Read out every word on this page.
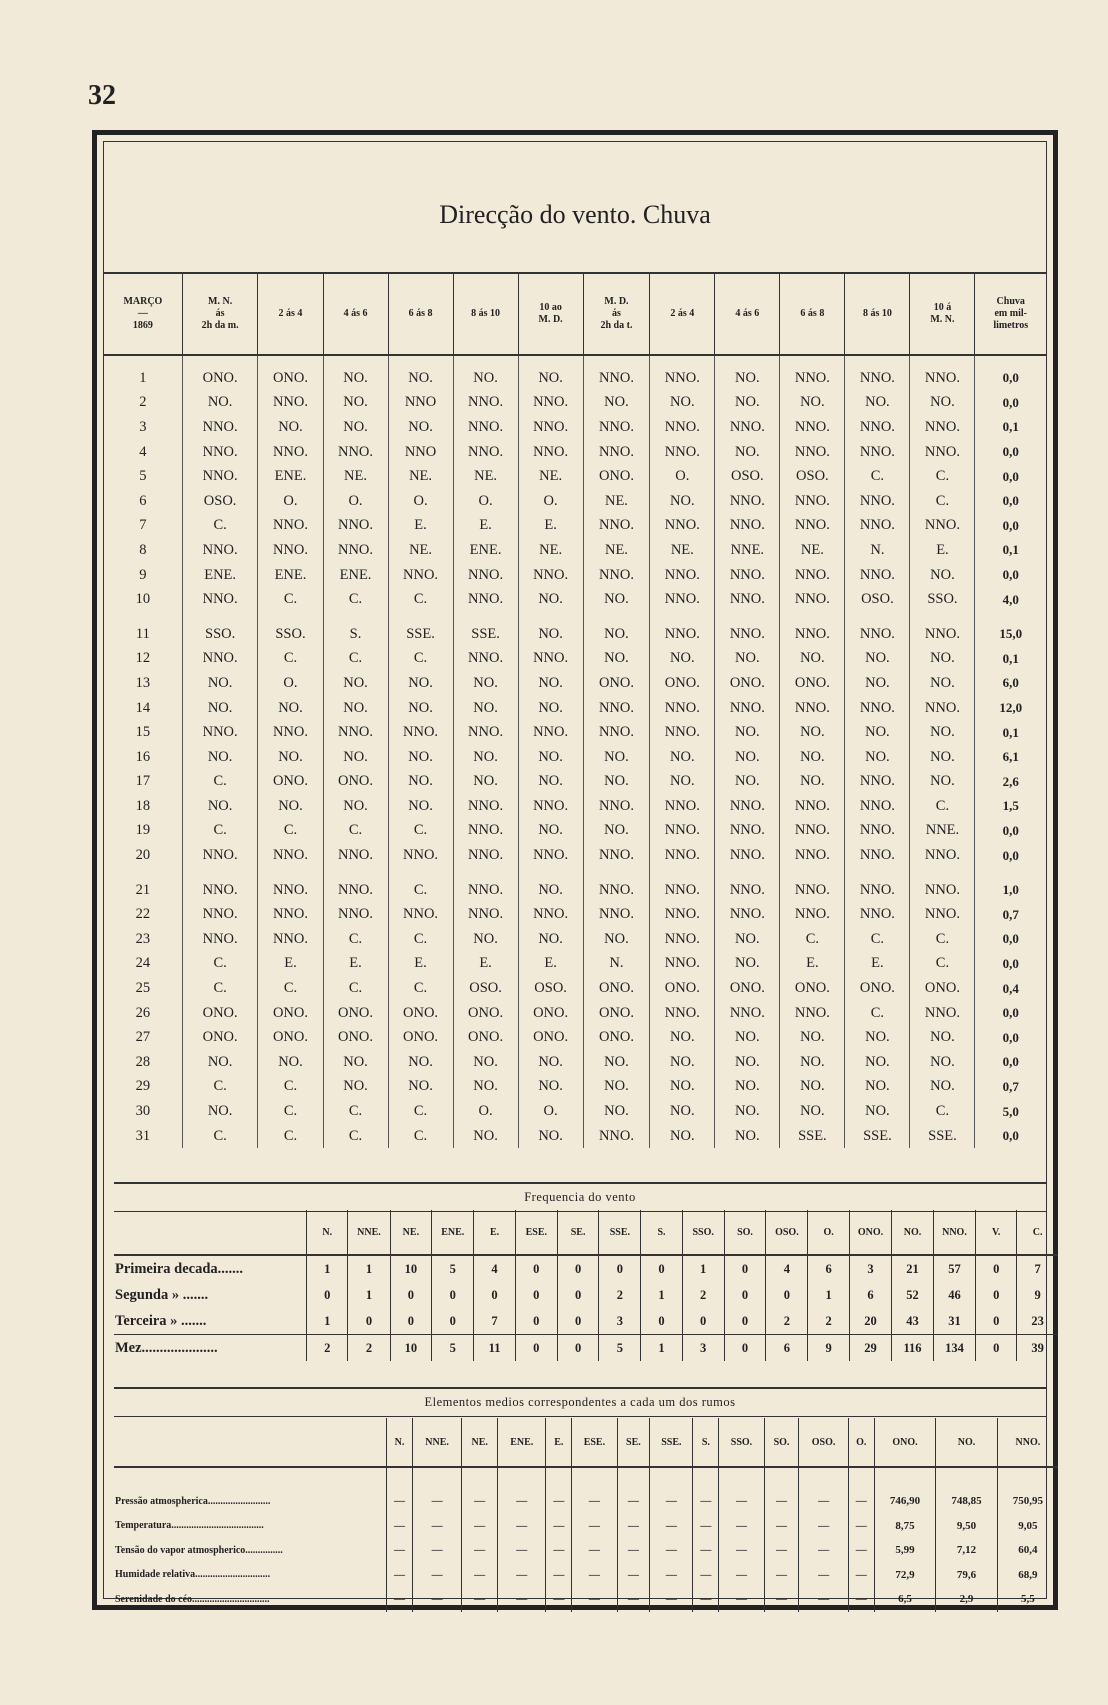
32
Direcção do vento. Chuva
MARÇO
—
1869	M. N.
ás
2h da m.	2 ás 4	4 ás 6	6 ás 8	8 ás 10	10 ao
M. D.	M. D.
ás
2h da t.	2 ás 4	4 ás 6	6 ás 8	8 ás 10	10 á
M. N.	Chuva
em mil-
limetros
1	ONO.	ONO.	NO.	NO.	NO.	NO.	NNO.	NNO.	NO.	NNO.	NNO.	NNO.	0,0
2	NO.	NNO.	NO.	NNO	NNO.	NNO.	NO.	NO.	NO.	NO.	NO.	NO.	0,0
3	NNO.	NO.	NO.	NO.	NNO.	NNO.	NNO.	NNO.	NNO.	NNO.	NNO.	NNO.	0,1
4	NNO.	NNO.	NNO.	NNO	NNO.	NNO.	NNO.	NNO.	NO.	NNO.	NNO.	NNO.	0,0
5	NNO.	ENE.	NE.	NE.	NE.	NE.	ONO.	O.	OSO.	OSO.	C.	C.	0,0
6	OSO.	O.	O.	O.	O.	O.	NE.	NO.	NNO.	NNO.	NNO.	C.	0,0
7	C.	NNO.	NNO.	E.	E.	E.	NNO.	NNO.	NNO.	NNO.	NNO.	NNO.	0,0
8	NNO.	NNO.	NNO.	NE.	ENE.	NE.	NE.	NE.	NNE.	NE.	N.	E.	0,1
9	ENE.	ENE.	ENE.	NNO.	NNO.	NNO.	NNO.	NNO.	NNO.	NNO.	NNO.	NO.	0,0
10	NNO.	C.	C.	C.	NNO.	NO.	NO.	NNO.	NNO.	NNO.	OSO.	SSO.	4,0
11	SSO.	SSO.	S.	SSE.	SSE.	NO.	NO.	NNO.	NNO.	NNO.	NNO.	NNO.	15,0
12	NNO.	C.	C.	C.	NNO.	NNO.	NO.	NO.	NO.	NO.	NO.	NO.	0,1
13	NO.	O.	NO.	NO.	NO.	NO.	ONO.	ONO.	ONO.	ONO.	NO.	NO.	6,0
14	NO.	NO.	NO.	NO.	NO.	NO.	NNO.	NNO.	NNO.	NNO.	NNO.	NNO.	12,0
15	NNO.	NNO.	NNO.	NNO.	NNO.	NNO.	NNO.	NNO.	NO.	NO.	NO.	NO.	0,1
16	NO.	NO.	NO.	NO.	NO.	NO.	NO.	NO.	NO.	NO.	NO.	NO.	6,1
17	C.	ONO.	ONO.	NO.	NO.	NO.	NO.	NO.	NO.	NO.	NNO.	NO.	2,6
18	NO.	NO.	NO.	NO.	NNO.	NNO.	NNO.	NNO.	NNO.	NNO.	NNO.	C.	1,5
19	C.	C.	C.	C.	NNO.	NO.	NO.	NNO.	NNO.	NNO.	NNO.	NNE.	0,0
20	NNO.	NNO.	NNO.	NNO.	NNO.	NNO.	NNO.	NNO.	NNO.	NNO.	NNO.	NNO.	0,0
21	NNO.	NNO.	NNO.	C.	NNO.	NO.	NNO.	NNO.	NNO.	NNO.	NNO.	NNO.	1,0
22	NNO.	NNO.	NNO.	NNO.	NNO.	NNO.	NNO.	NNO.	NNO.	NNO.	NNO.	NNO.	0,7
23	NNO.	NNO.	C.	C.	NO.	NO.	NO.	NNO.	NO.	C.	C.	C.	0,0
24	C.	E.	E.	E.	E.	E.	N.	NNO.	NO.	E.	E.	C.	0,0
25	C.	C.	C.	C.	OSO.	OSO.	ONO.	ONO.	ONO.	ONO.	ONO.	ONO.	0,4
26	ONO.	ONO.	ONO.	ONO.	ONO.	ONO.	ONO.	NNO.	NNO.	NNO.	C.	NNO.	0,0
27	ONO.	ONO.	ONO.	ONO.	ONO.	ONO.	ONO.	NO.	NO.	NO.	NO.	NO.	0,0
28	NO.	NO.	NO.	NO.	NO.	NO.	NO.	NO.	NO.	NO.	NO.	NO.	0,0
29	C.	C.	NO.	NO.	NO.	NO.	NO.	NO.	NO.	NO.	NO.	NO.	0,7
30	NO.	C.	C.	C.	O.	O.	NO.	NO.	NO.	NO.	NO.	C.	5,0
31	C.	C.	C.	C.	NO.	NO.	NNO.	NO.	NO.	SSE.	SSE.	SSE.	0,0
Frequencia do vento
	N.	NNE.	NE.	ENE.	E.	ESE.	SE.	SSE.	S.	SSO.	SO.	OSO.	O.	ONO.	NO.	NNO.	V.	C.
Primeira decada.......	1	1	10	5	4	0	0	0	0	1	0	4	6	3	21	57	0	7
Segunda » .......	0	1	0	0	0	0	0	2	1	2	0	0	1	6	52	46	0	9
Terceira » .......	1	0	0	0	7	0	0	3	0	0	0	2	2	20	43	31	0	23
Mez.....................	2	2	10	5	11	0	0	5	1	3	0	6	9	29	116	134	0	39
Elementos medios correspondentes a cada um dos rumos
	N.	NNE.	NE.	ENE.	E.	ESE.	SE.	SSE.	S.	SSO.	SO.	OSO.	O.	ONO.	NO.	NNO.
Pressão atmospherica.........................	—	—	—	—	—	—	—	—	—	—	—	—	—	746,90	748,85	750,95
Temperatura.....................................	—	—	—	—	—	—	—	—	—	—	—	—	—	8,75	9,50	9,05
Tensão do vapor atmospherico...............	—	—	—	—	—	—	—	—	—	—	—	—	—	5,99	7,12	60,4
Humidade relativa..............................	—	—	—	—	—	—	—	—	—	—	—	—	—	72,9	79,6	68,9
Serenidade do céo...............................	—	—	—	—	—	—	—	—	—	—	—	—	—	6,5	2,9	5,5
